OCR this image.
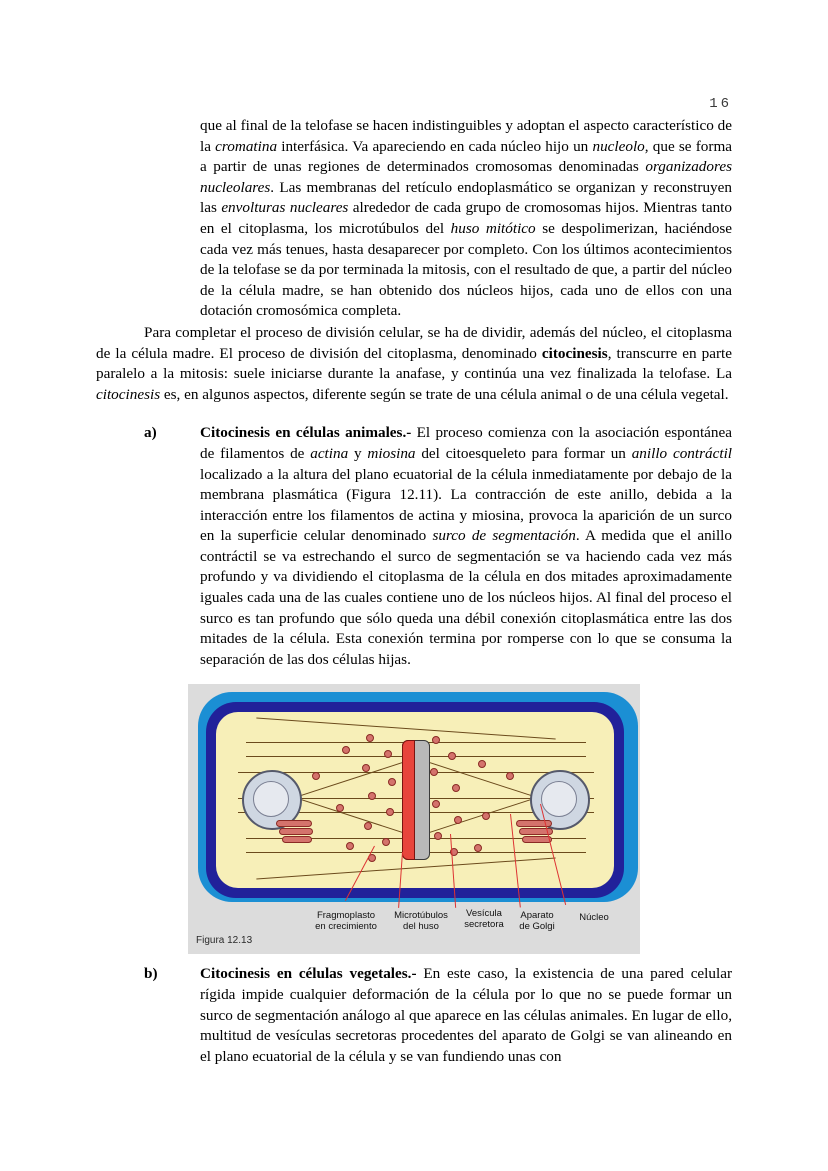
16

que al final de la telofase se hacen indistinguibles y adoptan el aspecto característico de la cromatina interfásica. Va apareciendo en cada núcleo hijo un nucleolo, que se forma a partir de unas regiones de determinados cromosomas denominadas organizadores nucleolares. Las membranas del retículo endoplasmático se organizan y reconstruyen las envolturas nucleares alrededor de cada grupo de cromosomas hijos. Mientras tanto en el citoplasma, los microtúbulos del huso mitótico se despolimerizan, haciéndose cada vez más tenues, hasta desaparecer por completo. Con los últimos acontecimientos de la telofase se da por terminada la mitosis, con el resultado de que, a partir del núcleo de la célula madre, se han obtenido dos núcleos hijos, cada uno de ellos con una dotación cromosómica completa.

Para completar el proceso de división celular, se ha de dividir, además del núcleo, el citoplasma de la célula madre. El proceso de división del citoplasma, denominado citocinesis, transcurre en parte paralelo a la mitosis: suele iniciarse durante la anafase, y continúa una vez finalizada la telofase. La citocinesis es, en algunos aspectos, diferente según se trate de una célula animal o de una célula vegetal.

a)	Citocinesis en células animales.- El proceso comienza con la asociación espontánea de filamentos de actina y miosina del citoesqueleto para formar un anillo contráctil localizado a la altura del plano ecuatorial de la célula inmediatamente por debajo de la membrana plasmática (Figura 12.11). La contracción de este anillo, debida a la interacción entre los filamentos de actina y miosina, provoca la aparición de un surco en la superficie celular denominado surco de segmentación. A medida que el anillo contráctil se va estrechando el surco de segmentación se va haciendo cada vez más profundo y va dividiendo el citoplasma de la célula en dos mitades aproximadamente iguales cada una de las cuales contiene uno de los núcleos hijos. Al final del proceso el surco es tan profundo que sólo queda una débil conexión citoplasmática entre las dos mitades de la célula. Esta conexión termina por romperse con lo que se consuma la separación de las dos células hijas.

Fragmoplasto
en crecimiento
Microtúbulos
del huso
Vesícula
secretora
Aparato
de Golgi
Núcleo
Figura 12.13
b)	Citocinesis en células vegetales.- En este caso, la existencia de una pared celular rígida impide cualquier deformación de la célula por lo que no se puede formar un surco de segmentación análogo al que aparece en las células animales. En lugar de ello, multitud de vesículas secretoras procedentes del aparato de Golgi se van alineando en el plano ecuatorial de la célula y se van fundiendo unas con
